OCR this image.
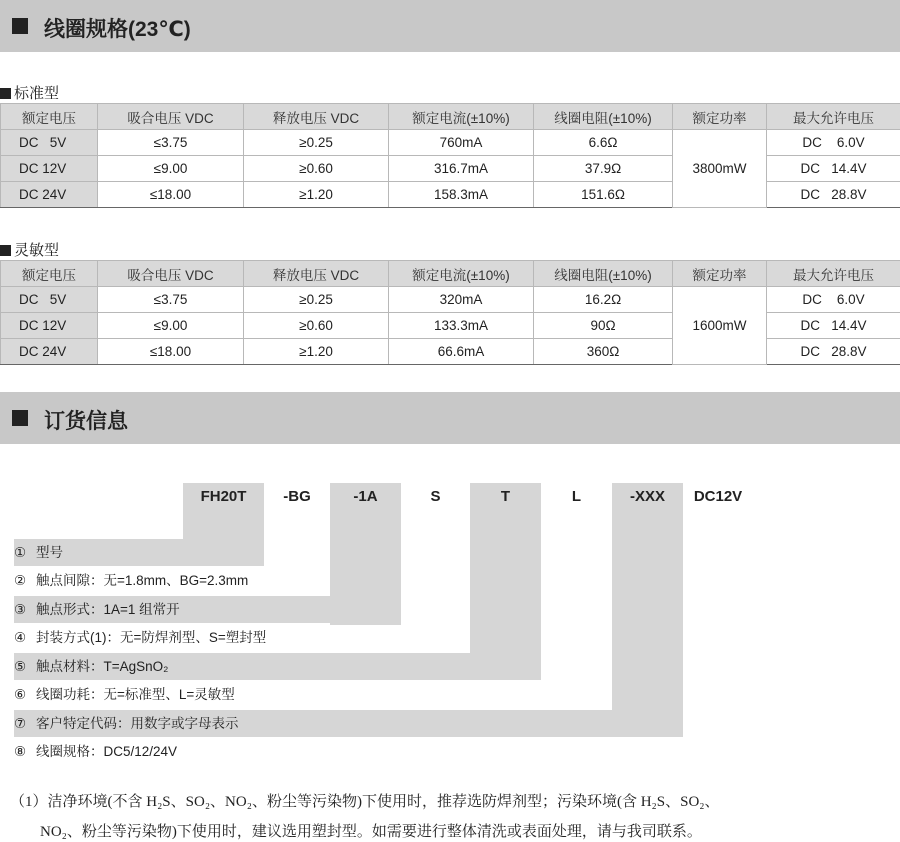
线圈规格(23℃)
标准型
额定电压	吸合电压 VDC	释放电压 VDC	额定电流(±10%)	线圈电阻(±10%)	额定功率	最大允许电压
DC   5V	≤3.75	≥0.25	760mA	6.6Ω	3800mW	DC    6.0V
DC 12V	≤9.00	≥0.60	316.7mA	37.9Ω		DC   14.4V
DC 24V	≤18.00	≥1.20	158.3mA	151.6Ω		DC   28.8V
灵敏型
额定电压	吸合电压 VDC	释放电压 VDC	额定电流(±10%)	线圈电阻(±10%)	额定功率	最大允许电压
DC   5V	≤3.75	≥0.25	320mA	16.2Ω	1600mW	DC    6.0V
DC 12V	≤9.00	≥0.60	133.3mA	90Ω		DC   14.4V
DC 24V	≤18.00	≥1.20	66.6mA	360Ω		DC   28.8V
订货信息
FH20T	-BG	-1A	S	T	L	-XXX	DC12V
① 型号
② 触点间隙：无=1.8mm、BG=2.3mm
③ 触点形式：1A=1 组常开
④ 封装方式(1)：无=防焊剂型、S=塑封型
⑤ 触点材料：T=AgSnO₂
⑥ 线圈功耗：无=标准型、L=灵敏型
⑦ 客户特定代码：用数字或字母表示
⑧ 线圈规格：DC5/12/24V
（1）洁净环境(不含 H₂S、SO₂、NO₂、粉尘等污染物)下使用时，推荐选防焊剂型；污染环境(含 H₂S、SO₂、
NO₂、粉尘等污染物)下使用时，建议选用塑封型。如需要进行整体清洗或表面处理，请与我司联系。
